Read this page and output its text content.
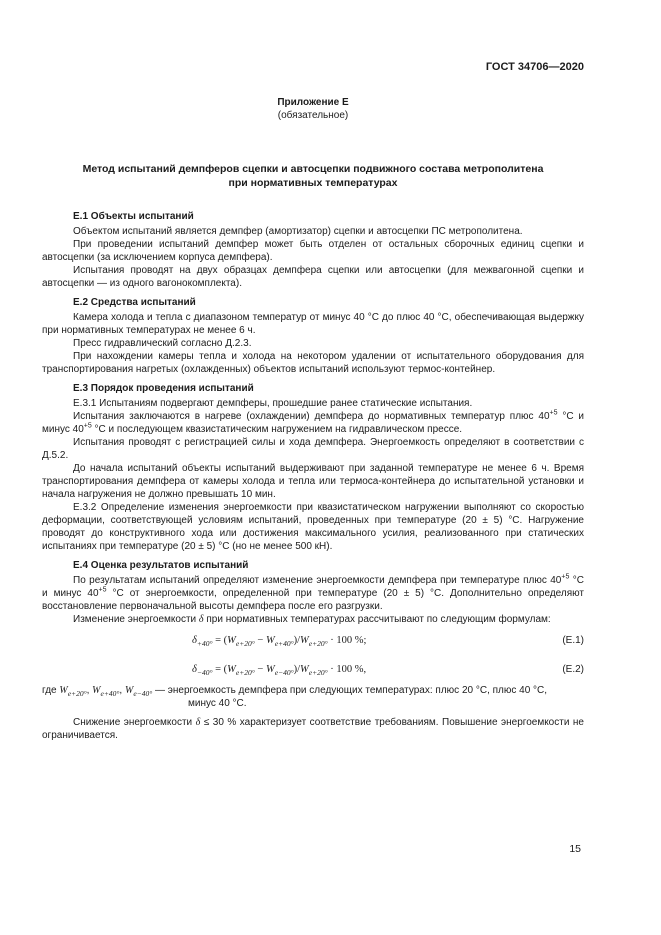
ГОСТ 34706—2020
Приложение Е
(обязательное)
Метод испытаний демпферов сцепки и автосцепки подвижного состава метрополитена
при нормативных температурах
Е.1 Объекты испытаний

Объектом испытаний является демпфер (амортизатор) сцепки и автосцепки ПС метрополитена.

При проведении испытаний демпфер может быть отделен от остальных сборочных единиц сцепки и автосцепки (за исключением корпуса демпфера).

Испытания проводят на двух образцах демпфера сцепки или автосцепки (для межвагонной сцепки и автосцепки — из одного вагонокомплекта).

Е.2 Средства испытаний

Камера холода и тепла с диапазоном температур от минус 40 °С до плюс 40 °С, обеспечивающая выдержку при нормативных температурах не менее 6 ч.

Пресс гидравлический согласно Д.2.3.

При нахождении камеры тепла и холода на некотором удалении от испытательного оборудования для транспортирования нагретых (охлажденных) объектов испытаний используют термос-контейнер.

Е.3 Порядок проведения испытаний

Е.3.1 Испытаниям подвергают демпферы, прошедшие ранее статические испытания.

Испытания заключаются в нагреве (охлаждении) демпфера до нормативных температур плюс $40^{+5}$ °С и минус $40^{+5}$ °С и последующем квазистатическим нагружением на гидравлическом прессе.

Испытания проводят с регистрацией силы и хода демпфера. Энергоемкость определяют в соответствии с Д.5.2.

До начала испытаний объекты испытаний выдерживают при заданной температуре не менее 6 ч. Время транспортирования демпфера от камеры холода и тепла или термоса-контейнера до испытательной установки и начала нагружения не должно превышать 10 мин.

Е.3.2 Определение изменения энергоемкости при квазистатическом нагружении выполняют со скоростью деформации, соответствующей условиям испытаний, проведенных при температуре (20 ± 5) °С. Нагружение проводят до конструктивного хода или достижения максимального усилия, реализованного при статических испытаниях при температуре (20 ± 5) °С (но не менее 500 кН).

Е.4 Оценка результатов испытаний

По результатам испытаний определяют изменение энергоемкости демпфера при температуре плюс $40^{+5}$ °С и минус $40^{+5}$ °С от энергоемкости, определенной при температуре (20 ± 5) °С. Дополнительно определяют восстановление первоначальной высоты демпфера после его разгрузки.

Изменение энергоемкости δ при нормативных температурах рассчитывают по следующим формулам:

$\delta_{+40^\circ} = (W_{е+20^\circ} - W_{е+40^\circ})/W_{е+20^\circ} \cdot 100$ %;	(Е.1)
$\delta_{-40^\circ} = (W_{е+20^\circ} - W_{е-40^\circ})/W_{е+20^\circ} \cdot 100$ %,	(Е.2)
где $W_{е+20^\circ}$, $W_{е+40^\circ}$, $W_{е-40^\circ}$ — энергоемкость демпфера при следующих температурах: плюс 20 °С, плюс 40 °С,
минус 40 °С.

Снижение энергоемкости δ ≤ 30 % характеризует соответствие требованиям. Повышение энергоемкости не ограничивается.

15
